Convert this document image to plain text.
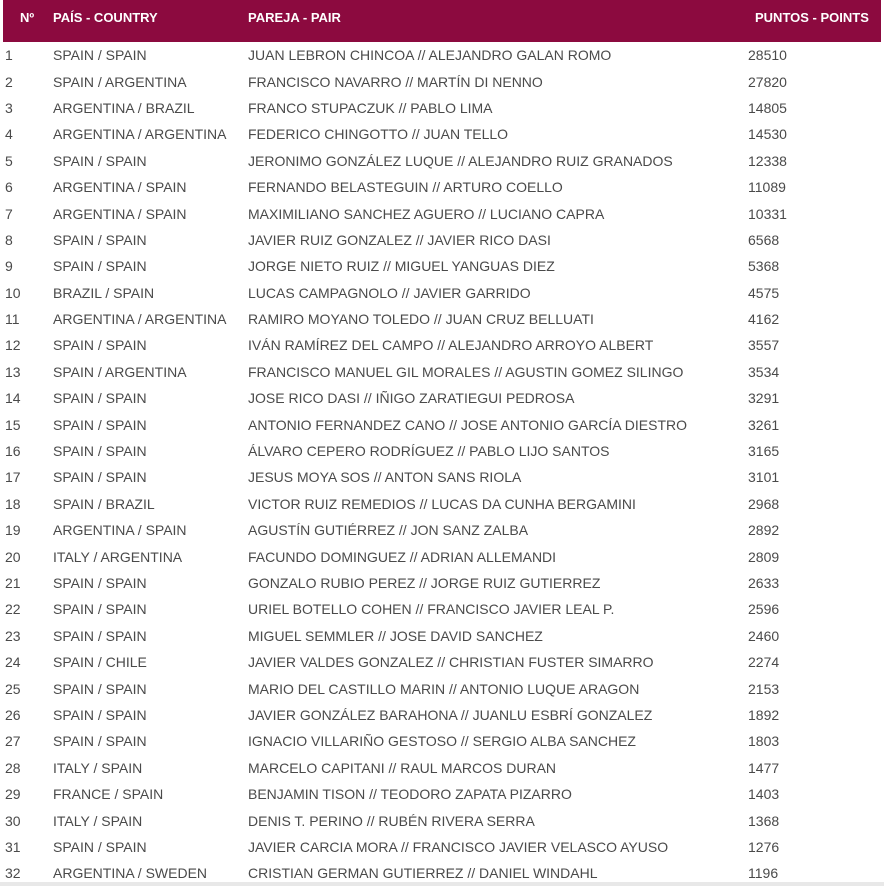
Nº	PAÍS - COUNTRY	PAREJA - PAIR	PUNTOS - POINTS
1	SPAIN / SPAIN	JUAN LEBRON CHINCOA // ALEJANDRO GALAN ROMO	28510
2	SPAIN / ARGENTINA	FRANCISCO NAVARRO // MARTÍN DI NENNO	27820
3	ARGENTINA / BRAZIL	FRANCO STUPACZUK // PABLO LIMA	14805
4	ARGENTINA / ARGENTINA	FEDERICO CHINGOTTO // JUAN TELLO	14530
5	SPAIN / SPAIN	JERONIMO GONZÁLEZ LUQUE // ALEJANDRO RUIZ GRANADOS	12338
6	ARGENTINA / SPAIN	FERNANDO BELASTEGUIN // ARTURO COELLO	11089
7	ARGENTINA / SPAIN	MAXIMILIANO SANCHEZ AGUERO // LUCIANO CAPRA	10331
8	SPAIN / SPAIN	JAVIER RUIZ GONZALEZ // JAVIER RICO DASI	6568
9	SPAIN / SPAIN	JORGE NIETO RUIZ // MIGUEL YANGUAS DIEZ	5368
10	BRAZIL / SPAIN	LUCAS CAMPAGNOLO // JAVIER GARRIDO	4575
11	ARGENTINA / ARGENTINA	RAMIRO MOYANO TOLEDO // JUAN CRUZ BELLUATI	4162
12	SPAIN / SPAIN	IVÁN RAMÍREZ DEL CAMPO // ALEJANDRO ARROYO ALBERT	3557
13	SPAIN / ARGENTINA	FRANCISCO MANUEL GIL MORALES // AGUSTIN GOMEZ SILINGO	3534
14	SPAIN / SPAIN	JOSE RICO DASI // IÑIGO ZARATIEGUI PEDROSA	3291
15	SPAIN / SPAIN	ANTONIO FERNANDEZ CANO // JOSE ANTONIO GARCÍA DIESTRO	3261
16	SPAIN / SPAIN	ÁLVARO CEPERO RODRÍGUEZ // PABLO LIJO SANTOS	3165
17	SPAIN / SPAIN	JESUS MOYA SOS // ANTON SANS RIOLA	3101
18	SPAIN / BRAZIL	VICTOR RUIZ REMEDIOS // LUCAS DA CUNHA BERGAMINI	2968
19	ARGENTINA / SPAIN	AGUSTÍN GUTIÉRREZ // JON SANZ ZALBA	2892
20	ITALY / ARGENTINA	FACUNDO DOMINGUEZ // ADRIAN ALLEMANDI	2809
21	SPAIN / SPAIN	GONZALO RUBIO PEREZ // JORGE RUIZ GUTIERREZ	2633
22	SPAIN / SPAIN	URIEL BOTELLO COHEN // FRANCISCO JAVIER LEAL P.	2596
23	SPAIN / SPAIN	MIGUEL SEMMLER // JOSE DAVID SANCHEZ	2460
24	SPAIN / CHILE	JAVIER VALDES GONZALEZ // CHRISTIAN FUSTER SIMARRO	2274
25	SPAIN / SPAIN	MARIO DEL CASTILLO MARIN // ANTONIO LUQUE ARAGON	2153
26	SPAIN / SPAIN	JAVIER GONZÁLEZ BARAHONA // JUANLU ESBRÍ GONZALEZ	1892
27	SPAIN / SPAIN	IGNACIO VILLARIÑO GESTOSO // SERGIO ALBA SANCHEZ	1803
28	ITALY / SPAIN	MARCELO CAPITANI // RAUL MARCOS DURAN	1477
29	FRANCE / SPAIN	BENJAMIN TISON // TEODORO ZAPATA PIZARRO	1403
30	ITALY / SPAIN	DENIS T. PERINO // RUBÉN RIVERA SERRA	1368
31	SPAIN / SPAIN	JAVIER CARCIA MORA // FRANCISCO JAVIER VELASCO AYUSO	1276
32	ARGENTINA / SWEDEN	CRISTIAN GERMAN GUTIERREZ // DANIEL WINDAHL	1196
